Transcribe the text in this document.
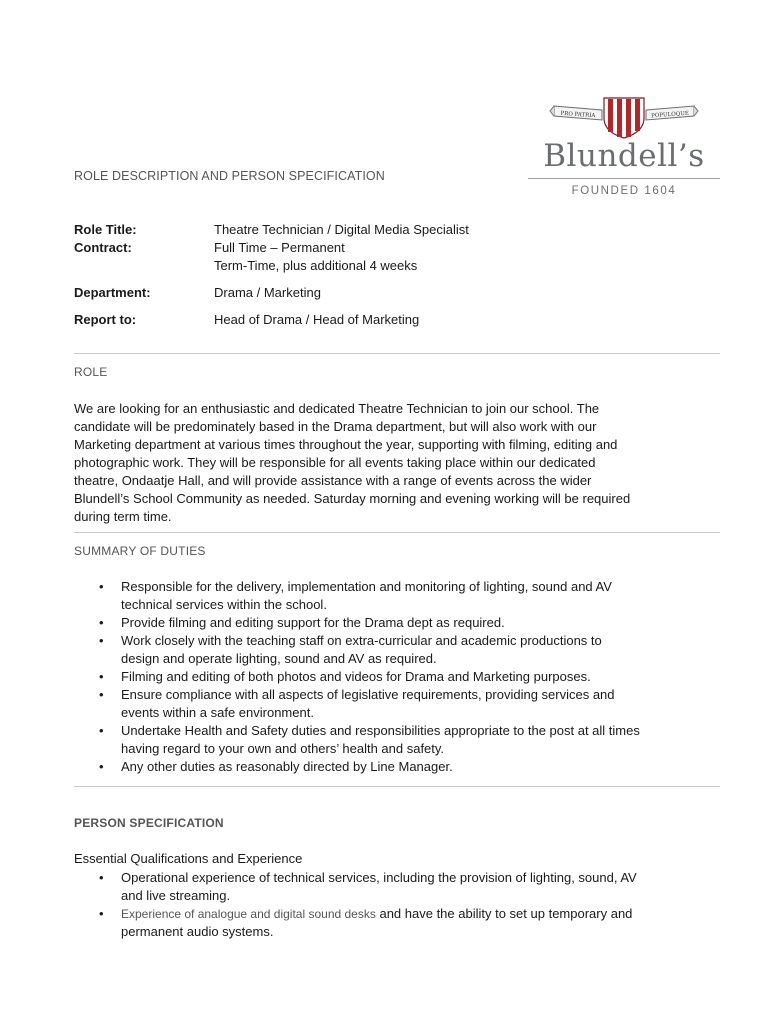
PRO PATRIA	POPULOQUE
Blundell’s
FOUNDED 1604
ROLE DESCRIPTION AND PERSON SPECIFICATION
Role Title:	Theatre Technician / Digital Media Specialist
Contract:	Full Time – Permanent
Term-Time, plus additional 4 weeks
Department:	Drama / Marketing
Report to:	Head of Drama / Head of Marketing
ROLE
We are looking for an enthusiastic and dedicated Theatre Technician to join our school. The
candidate will be predominately based in the Drama department, but will also work with our
Marketing department at various times throughout the year, supporting with filming, editing and
photographic work. They will be responsible for all events taking place within our dedicated
theatre, Ondaatje Hall, and will provide assistance with a range of events across the wider
Blundell’s School Community as needed. Saturday morning and evening working will be required
during term time.
SUMMARY OF DUTIES
• Responsible for the delivery, implementation and monitoring of lighting, sound and AV
technical services within the school.
• Provide filming and editing support for the Drama dept as required.
• Work closely with the teaching staff on extra-curricular and academic productions to
design and operate lighting, sound and AV as required.
• Filming and editing of both photos and videos for Drama and Marketing purposes.
• Ensure compliance with all aspects of legislative requirements, providing services and
events within a safe environment.
• Undertake Health and Safety duties and responsibilities appropriate to the post at all times
having regard to your own and others’ health and safety.
• Any other duties as reasonably directed by Line Manager.
PERSON SPECIFICATION
Essential Qualifications and Experience
• Operational experience of technical services, including the provision of lighting, sound, AV
and live streaming.
• Experience of analogue and digital sound desks and have the ability to set up temporary and
permanent audio systems.
